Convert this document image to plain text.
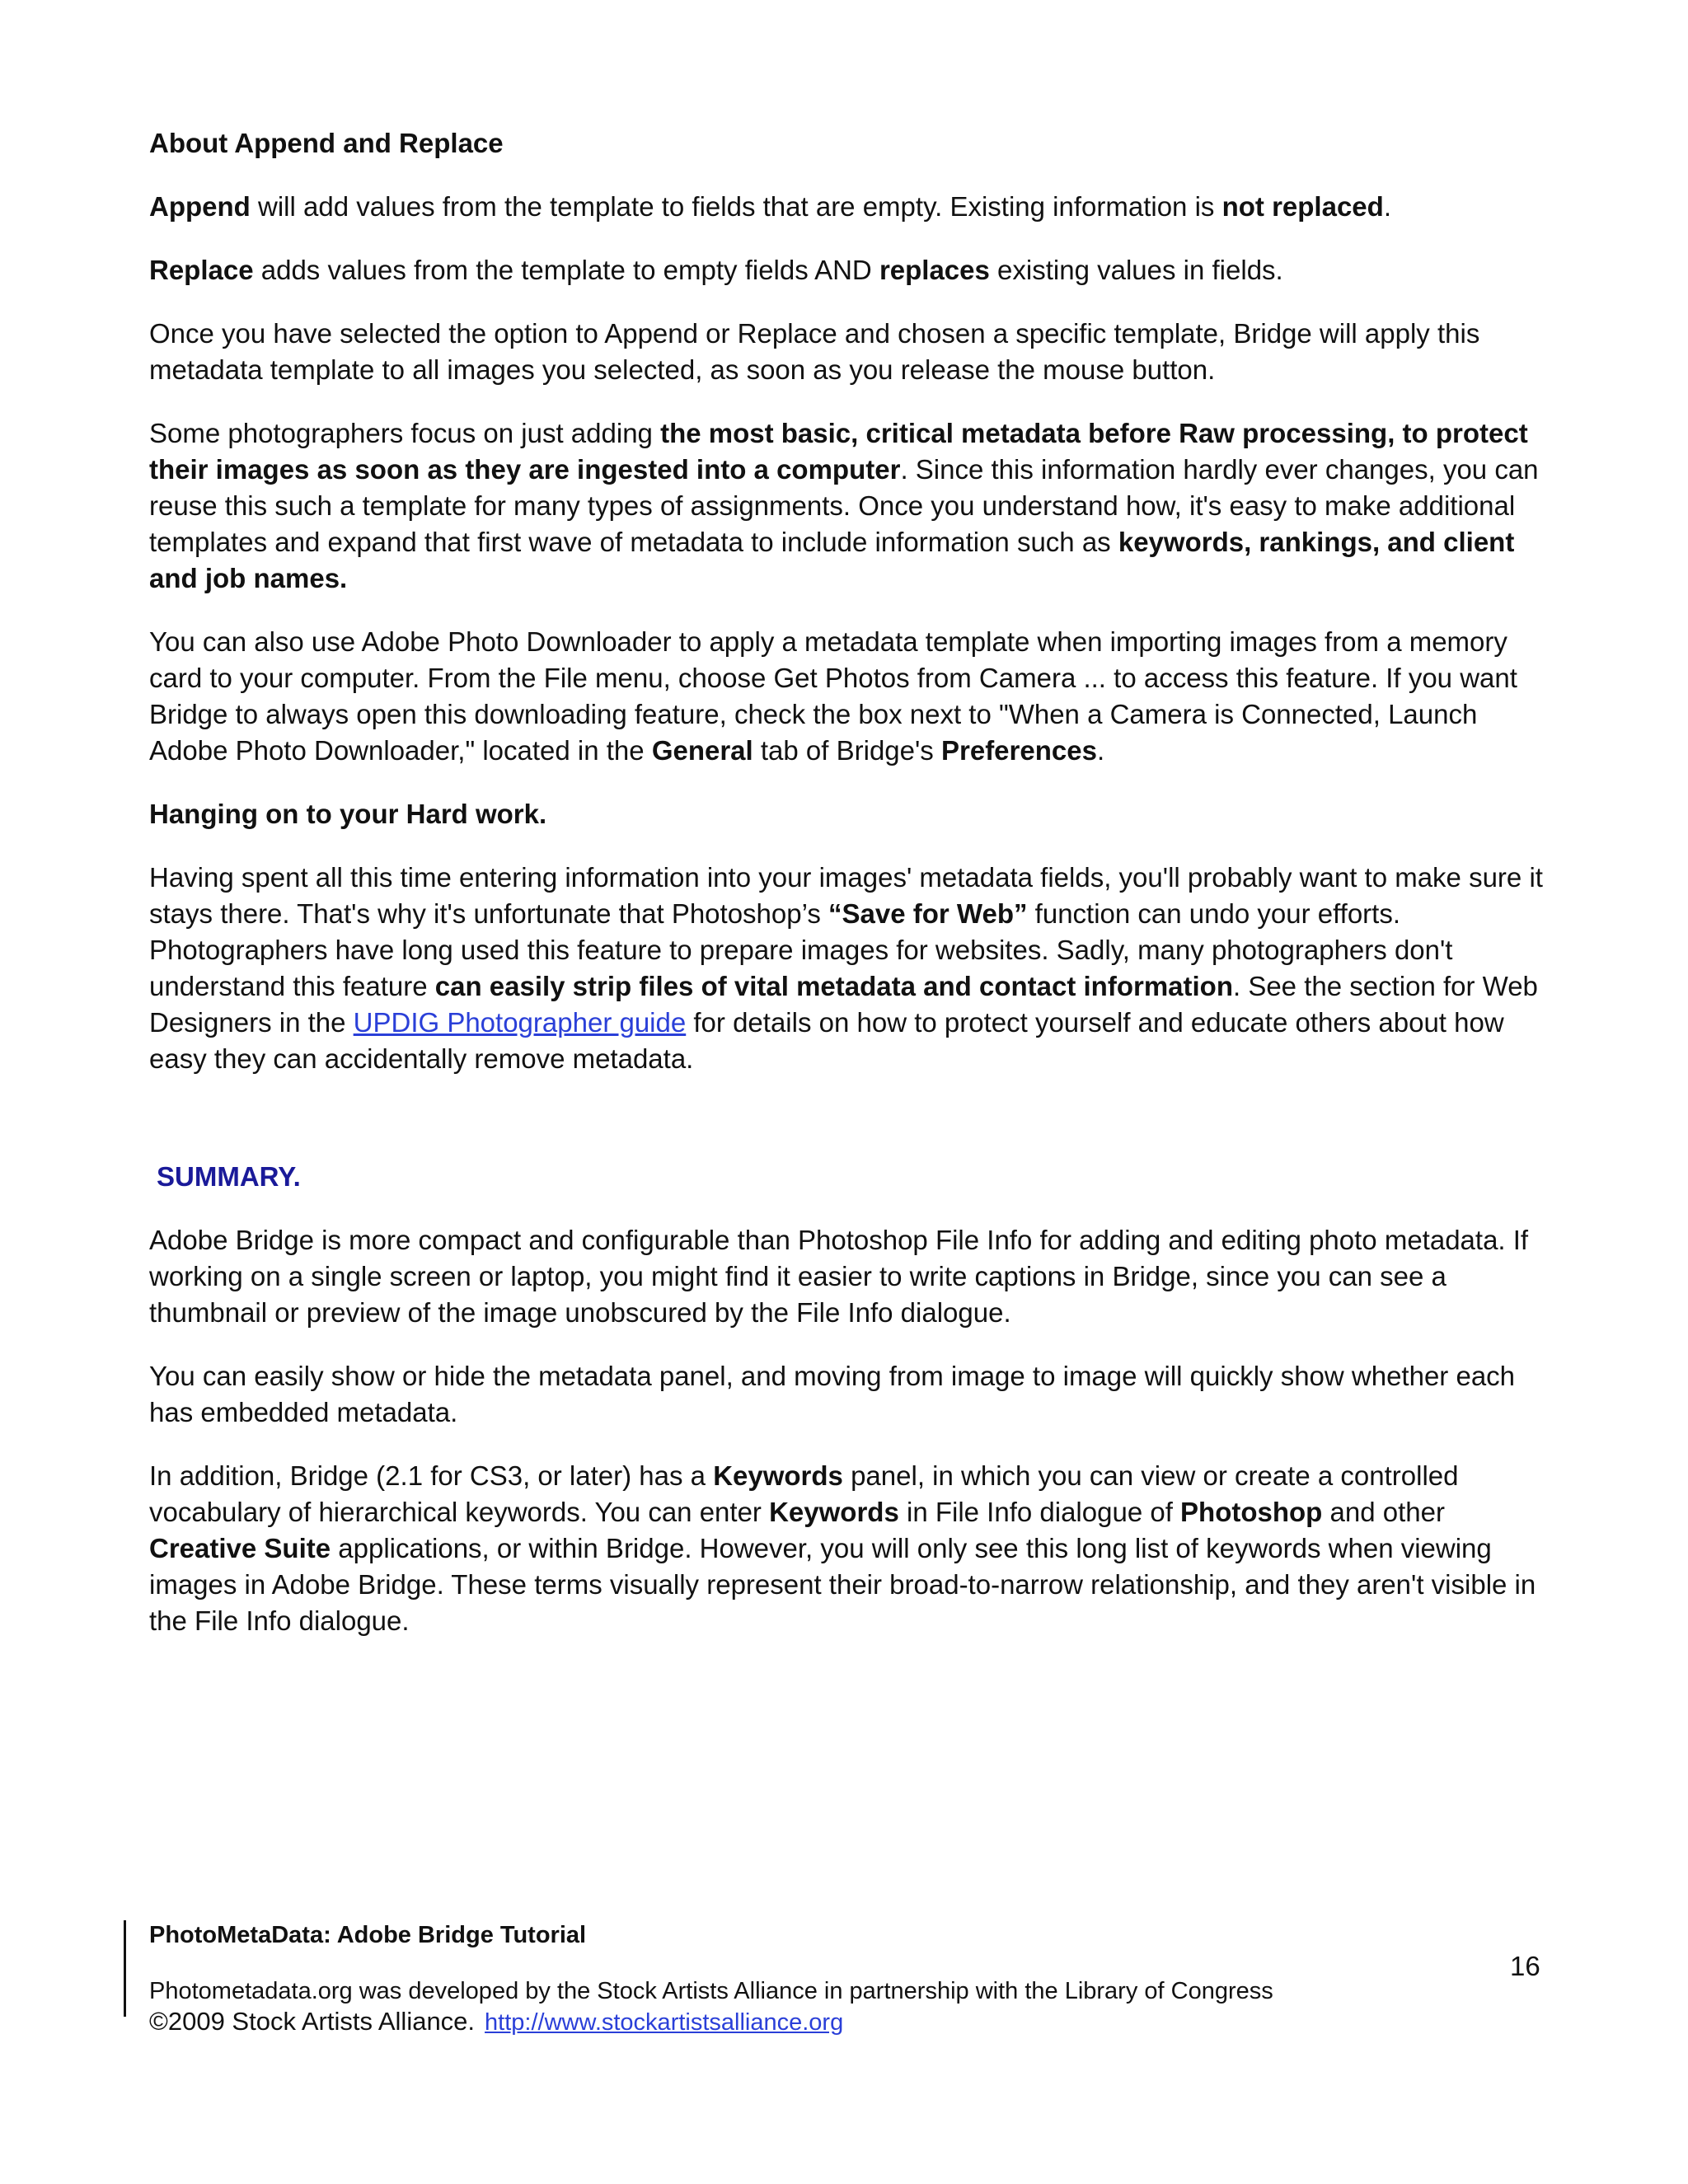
About Append and Replace

Append will add values from the template to fields that are empty. Existing information is not replaced.

Replace adds values from the template to empty fields AND replaces existing values in fields.

Once you have selected the option to Append or Replace and chosen a specific template, Bridge will apply this metadata template to all images you selected, as soon as you release the mouse button.

Some photographers focus on just adding the most basic, critical metadata before Raw processing, to protect their images as soon as they are ingested into a computer. Since this information hardly ever changes, you can reuse this such a template for many types of assignments. Once you understand how, it's easy to make additional templates and expand that first wave of metadata to include information such as keywords, rankings, and client and job names.

You can also use Adobe Photo Downloader to apply a metadata template when importing images from a memory card to your computer. From the File menu, choose Get Photos from Camera ... to access this feature. If you want Bridge to always open this downloading feature, check the box next to "When a Camera is Connected, Launch Adobe Photo Downloader," located in the General tab of Bridge's Preferences.

Hanging on to your Hard work.

Having spent all this time entering information into your images' metadata fields, you'll probably want to make sure it stays there. That's why it's unfortunate that Photoshop’s “Save for Web” function can undo your efforts. Photographers have long used this feature to prepare images for websites. Sadly, many photographers don't understand this feature can easily strip files of vital metadata and contact information. See the section for Web Designers in the UPDIG Photographer guide for details on how to protect yourself and educate others about how easy they can accidentally remove metadata.

SUMMARY.

Adobe Bridge is more compact and configurable than Photoshop File Info for adding and editing photo metadata. If working on a single screen or laptop, you might find it easier to write captions in Bridge, since you can see a thumbnail or preview of the image unobscured by the File Info dialogue.

You can easily show or hide the metadata panel, and moving from image to image will quickly show whether each has embedded metadata.

In addition, Bridge (2.1 for CS3, or later) has a Keywords panel, in which you can view or create a controlled vocabulary of hierarchical keywords. You can enter Keywords in File Info dialogue of Photoshop and other Creative Suite applications, or within Bridge. However, you will only see this long list of keywords when viewing images in Adobe Bridge. These terms visually represent their broad-to-narrow relationship, and they aren't visible in the File Info dialogue.

PhotoMetaData: Adobe Bridge Tutorial
16
Photometadata.org was developed by the Stock Artists Alliance in partnership with the Library of Congress
©2009 Stock Artists Alliance. http://www.stockartistsalliance.org
